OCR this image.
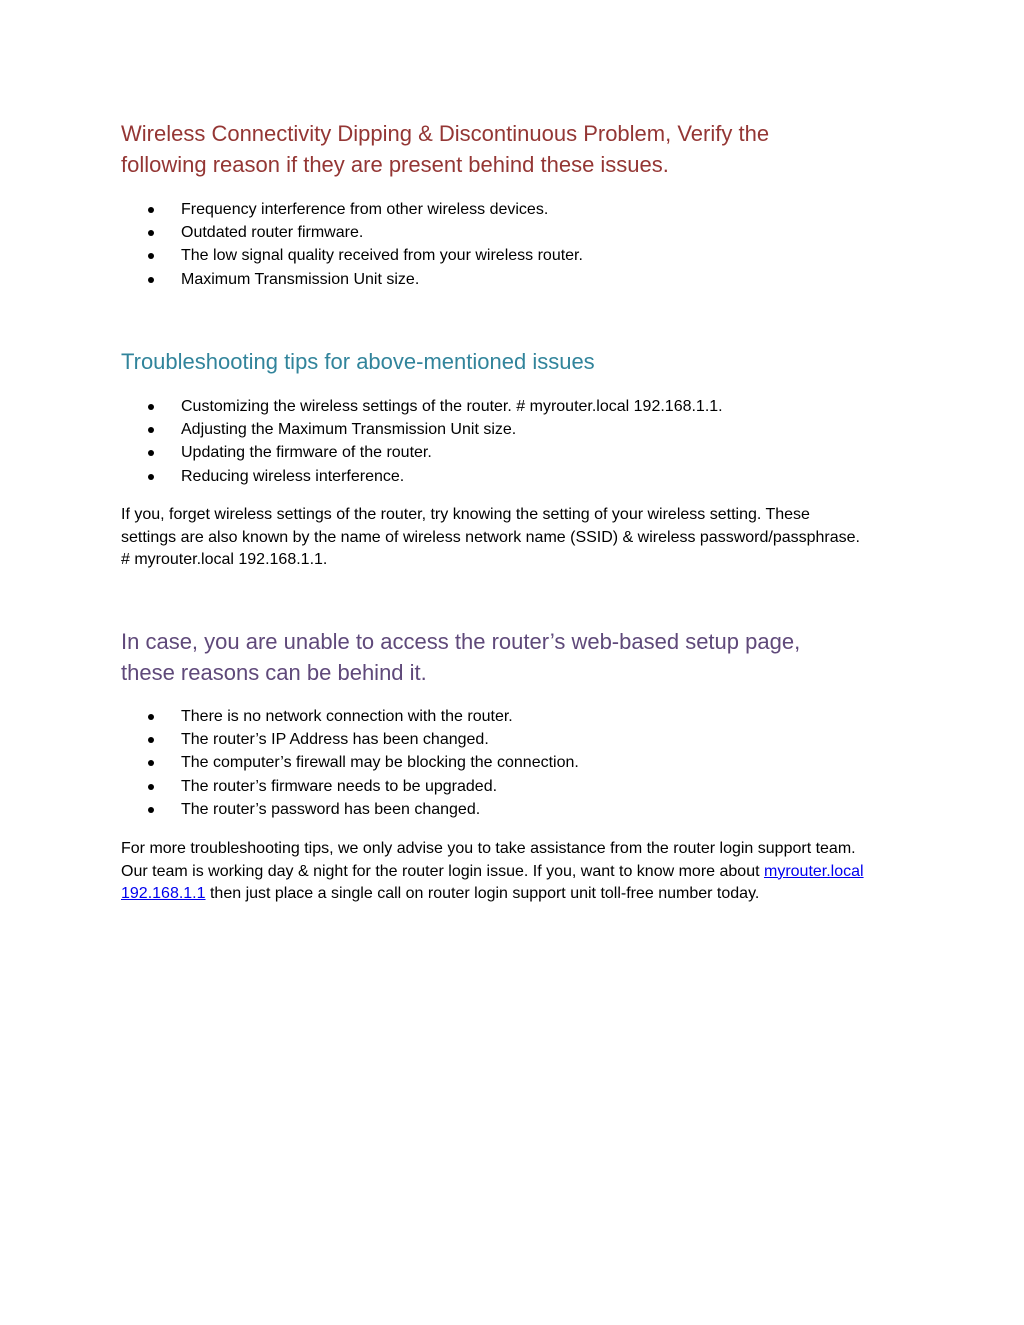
Wireless Connectivity Dipping & Discontinuous Problem, Verify the
following reason if they are present behind these issues.
Frequency interference from other wireless devices.
Outdated router firmware.
The low signal quality received from your wireless router.
Maximum Transmission Unit size.
Troubleshooting tips for above-mentioned issues
Customizing the wireless settings of the router. # myrouter.local 192.168.1.1.
Adjusting the Maximum Transmission Unit size.
Updating the firmware of the router.
Reducing wireless interference.

If you, forget wireless settings of the router, try knowing the setting of your wireless setting. These
settings are also known by the name of wireless network name (SSID) & wireless password/passphrase.
# myrouter.local 192.168.1.1.

In case, you are unable to access the router’s web-based setup page,
these reasons can be behind it.
There is no network connection with the router.
The router’s IP Address has been changed.
The computer’s firewall may be blocking the connection.
The router’s firmware needs to be upgraded.
The router’s password has been changed.

For more troubleshooting tips, we only advise you to take assistance from the router login support team.
Our team is working day & night for the router login issue. If you, want to know more about myrouter.local
192.168.1.1 then just place a single call on router login support unit toll-free number today.
